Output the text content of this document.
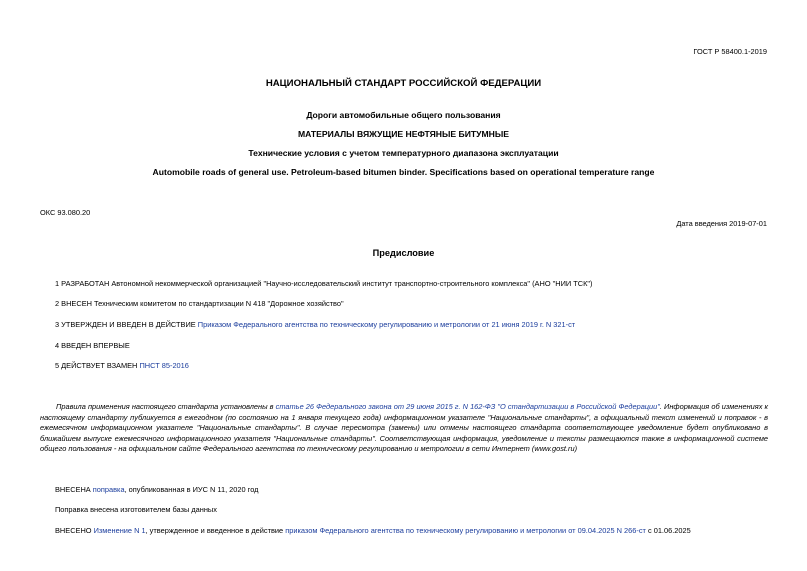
ГОСТ Р 58400.1-2019
НАЦИОНАЛЬНЫЙ СТАНДАРТ РОССИЙСКОЙ ФЕДЕРАЦИИ
Дороги автомобильные общего пользования
МАТЕРИАЛЫ ВЯЖУЩИЕ НЕФТЯНЫЕ БИТУМНЫЕ
Технические условия с учетом температурного диапазона эксплуатации
Automobile roads of general use. Petroleum-based bitumen binder. Specifications based on operational temperature range
ОКС 93.080.20
Дата введения 2019-07-01
Предисловие
1 РАЗРАБОТАН Автономной некоммерческой организацией "Научно-исследовательский институт транспортно-строительного комплекса" (АНО "НИИ ТСК")
2 ВНЕСЕН Техническим комитетом по стандартизации N 418 "Дорожное хозяйство"
3 УТВЕРЖДЕН И ВВЕДЕН В ДЕЙСТВИЕ Приказом Федерального агентства по техническому регулированию и метрологии от 21 июня 2019 г. N 321-ст
4 ВВЕДЕН ВПЕРВЫЕ
5 ДЕЙСТВУЕТ ВЗАМЕН ПНСТ 85-2016
Правила применения настоящего стандарта установлены в статье 26 Федерального закона от 29 июня 2015 г. N 162-ФЗ "О стандартизации в Российской Федерации". Информация об изменениях к настоящему стандарту публикуется в ежегодном (по состоянию на 1 января текущего года) информационном указателе "Национальные стандарты", а официальный текст изменений и поправок - в ежемесячном информационном указателе "Национальные стандарты". В случае пересмотра (замены) или отмены настоящего стандарта соответствующее уведомление будет опубликовано в ближайшем выпуске ежемесячного информационного указателя "Национальные стандарты". Соответствующая информация, уведомление и тексты размещаются также в информационной системе общего пользования - на официальном сайте Федерального агентства по техническому регулированию и метрологии в сети Интернет (www.gost.ru)
ВНЕСЕНА поправка, опубликованная в ИУС N 11, 2020 год
Поправка внесена изготовителем базы данных
ВНЕСЕНО Изменение N 1, утвержденное и введенное в действие приказом Федерального агентства по техническому регулированию и метрологии от 09.04.2025 N 266-ст с 01.06.2025
